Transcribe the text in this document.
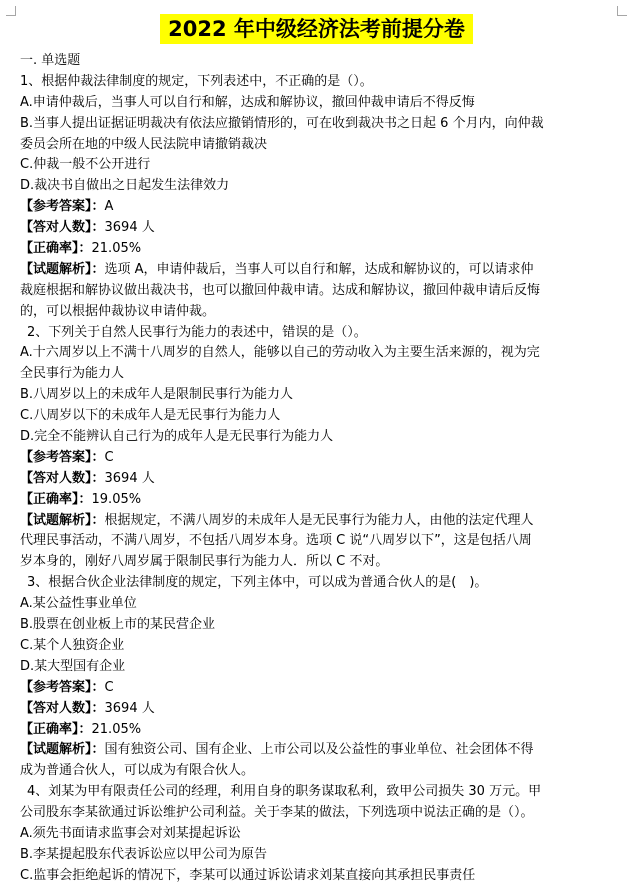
2022 年中级经济法考前提分卷
一. 单选题
1、根据仲裁法律制度的规定，下列表述中，不正确的是（）。
A.申请仲裁后，当事人可以自行和解，达成和解协议，撤回仲裁申请后不得反悔
B.当事人提出证据证明裁决有依法应撤销情形的，可在收到裁决书之日起 6 个月内，向仲裁
委员会所在地的中级人民法院申请撤销裁决
C.仲裁一般不公开进行
D.裁决书自做出之日起发生法律效力
【参考答案】：A
【答对人数】：3694 人
【正确率】：21.05%
【试题解析】：选项 A，申请仲裁后，当事人可以自行和解，达成和解协议的，可以请求仲
裁庭根据和解协议做出裁决书，也可以撤回仲裁申请。达成和解协议，撤回仲裁申请后反悔
的，可以根据仲裁协议申请仲裁。
2、下列关于自然人民事行为能力的表述中，错误的是（）。
A.十六周岁以上不满十八周岁的自然人，能够以自己的劳动收入为主要生活来源的，视为完
全民事行为能力人
B.八周岁以上的未成年人是限制民事行为能力人
C.八周岁以下的未成年人是无民事行为能力人
D.完全不能辨认自己行为的成年人是无民事行为能力人
【参考答案】：C
【答对人数】：3694 人
【正确率】：19.05%
【试题解析】：根据规定，不满八周岁的未成年人是无民事行为能力人，由他的法定代理人
代理民事活动，不满八周岁，不包括八周岁本身。选项 C 说“八周岁以下”，这是包括八周
岁本身的，刚好八周岁属于限制民事行为能力人．所以 C 不对。
3、根据合伙企业法律制度的规定，下列主体中，可以成为普通合伙人的是(　)。
A.某公益性事业单位
B.股票在创业板上市的某民营企业
C.某个人独资企业
D.某大型国有企业
【参考答案】：C
【答对人数】：3694 人
【正确率】：21.05%
【试题解析】：国有独资公司、国有企业、上市公司以及公益性的事业单位、社会团体不得
成为普通合伙人，可以成为有限合伙人。
4、刘某为甲有限责任公司的经理，利用自身的职务谋取私利，致甲公司损失 30 万元。甲
公司股东李某欲通过诉讼维护公司利益。关于李某的做法，下列选项中说法正确的是（）。
A.须先书面请求监事会对刘某提起诉讼
B.李某提起股东代表诉讼应以甲公司为原告
C.监事会拒绝起诉的情况下，李某可以通过诉讼请求刘某直接向其承担民事责任
